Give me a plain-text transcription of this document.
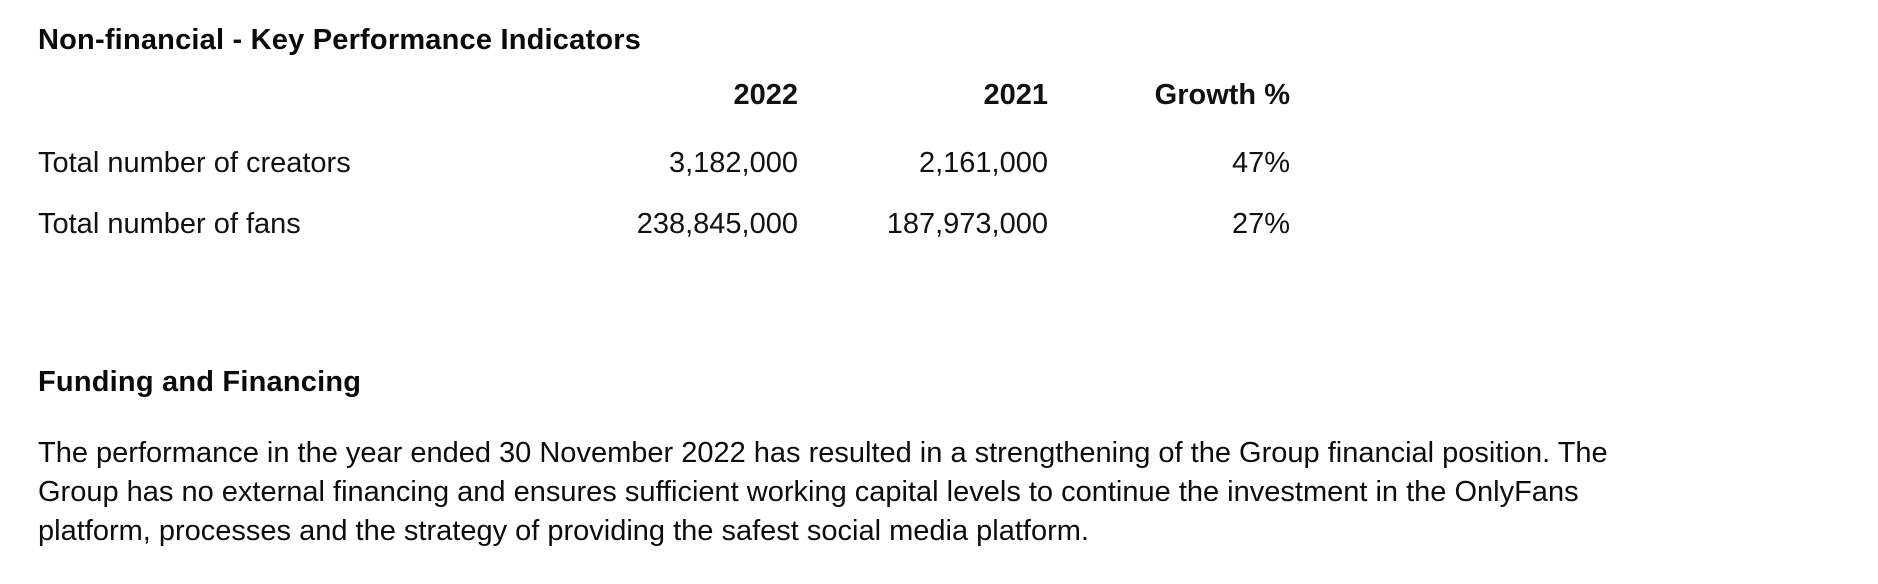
Non-financial - Key Performance Indicators
2022	2021	Growth %
Total number of creators	3,182,000	2,161,000	47%
Total number of fans	238,845,000	187,973,000	27%
Funding and Financing
The performance in the year ended 30 November 2022 has resulted in a strengthening of the Group financial position. The
Group has no external financing and ensures sufficient working capital levels to continue the investment in the OnlyFans
platform, processes and the strategy of providing the safest social media platform.
